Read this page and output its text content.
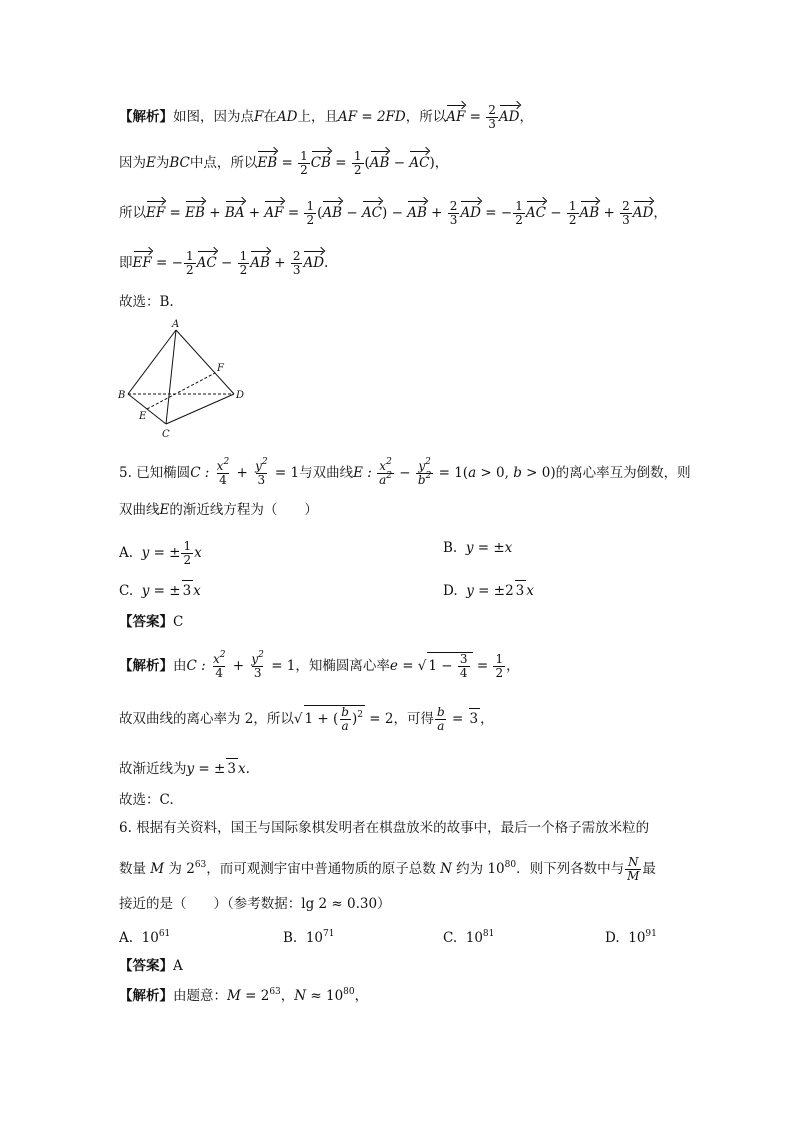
【解析】如图，因为点F在AD上，且AF = 2FD，所以AF = $\frac{2}{3}$ AD，
因为E为BC中点，所以EB = $\frac{1}{2}$ CB = $\frac{1}{2} (AB - AC)$，
所以EF = EB + BA + AF = $\frac{1}{2} (AB - AC)$ − AB + $\frac{2}{3}$ AD = − $\frac{1}{2}$ AC − $\frac{1}{2}$ AB + $\frac{2}{3}$ AD，
即EF = − $\frac{1}{2}$ AC − $\frac{1}{2}$ AB + $\frac{2}{3}$ AD.
故选：B.
A
B
C
D
E
F
5. 已知椭圆C : $\frac{x^2}{4} + \frac{y^2}{3} = 1$与双曲线E : $\frac{x^2}{a^2} - \frac{y^2}{b^2} = 1(a > 0$, b > 0)的离心率互为倒数，则
双曲线E的渐近线方程为（　　）
A. y = ± $\frac{1}{2}$ x	B. y = ±x
C. y = ± 3 x	D. y = ±2 3 x
【答案】C
【解析】由C : $\frac{x^2}{4} + \frac{y^2}{3} = 1$，知椭圆离心率e = √ $1 - \frac{3}{4} = \frac{1}{2}$ ，
故双曲线的离心率为 2，所以√ 1 + ( $\frac{b}{a} )^2 = 2$，可得 $\frac{b}{a} = 3$ ，
故渐近线为y = ± 3 x.
故选：C.
6. 根据有关资料，国王与国际象棋发明者在棋盘放米的故事中，最后一个格子需放米粒的
数量 M 为 $2^{63}$，而可观测宇宙中普通物质的原子总数 N 约为 $10^{80}$．则下列各数中与 $\frac{N}{M}$ 最
接近的是（　　）（参考数据：lg 2 ≈ 0.30）
A. $10^{61}$	B. $10^{71}$	C. $10^{81}$	D. $10^{91}$
【答案】A
【解析】由题意：$M = 2^{63}$，$N \approx 10^{80}$，
